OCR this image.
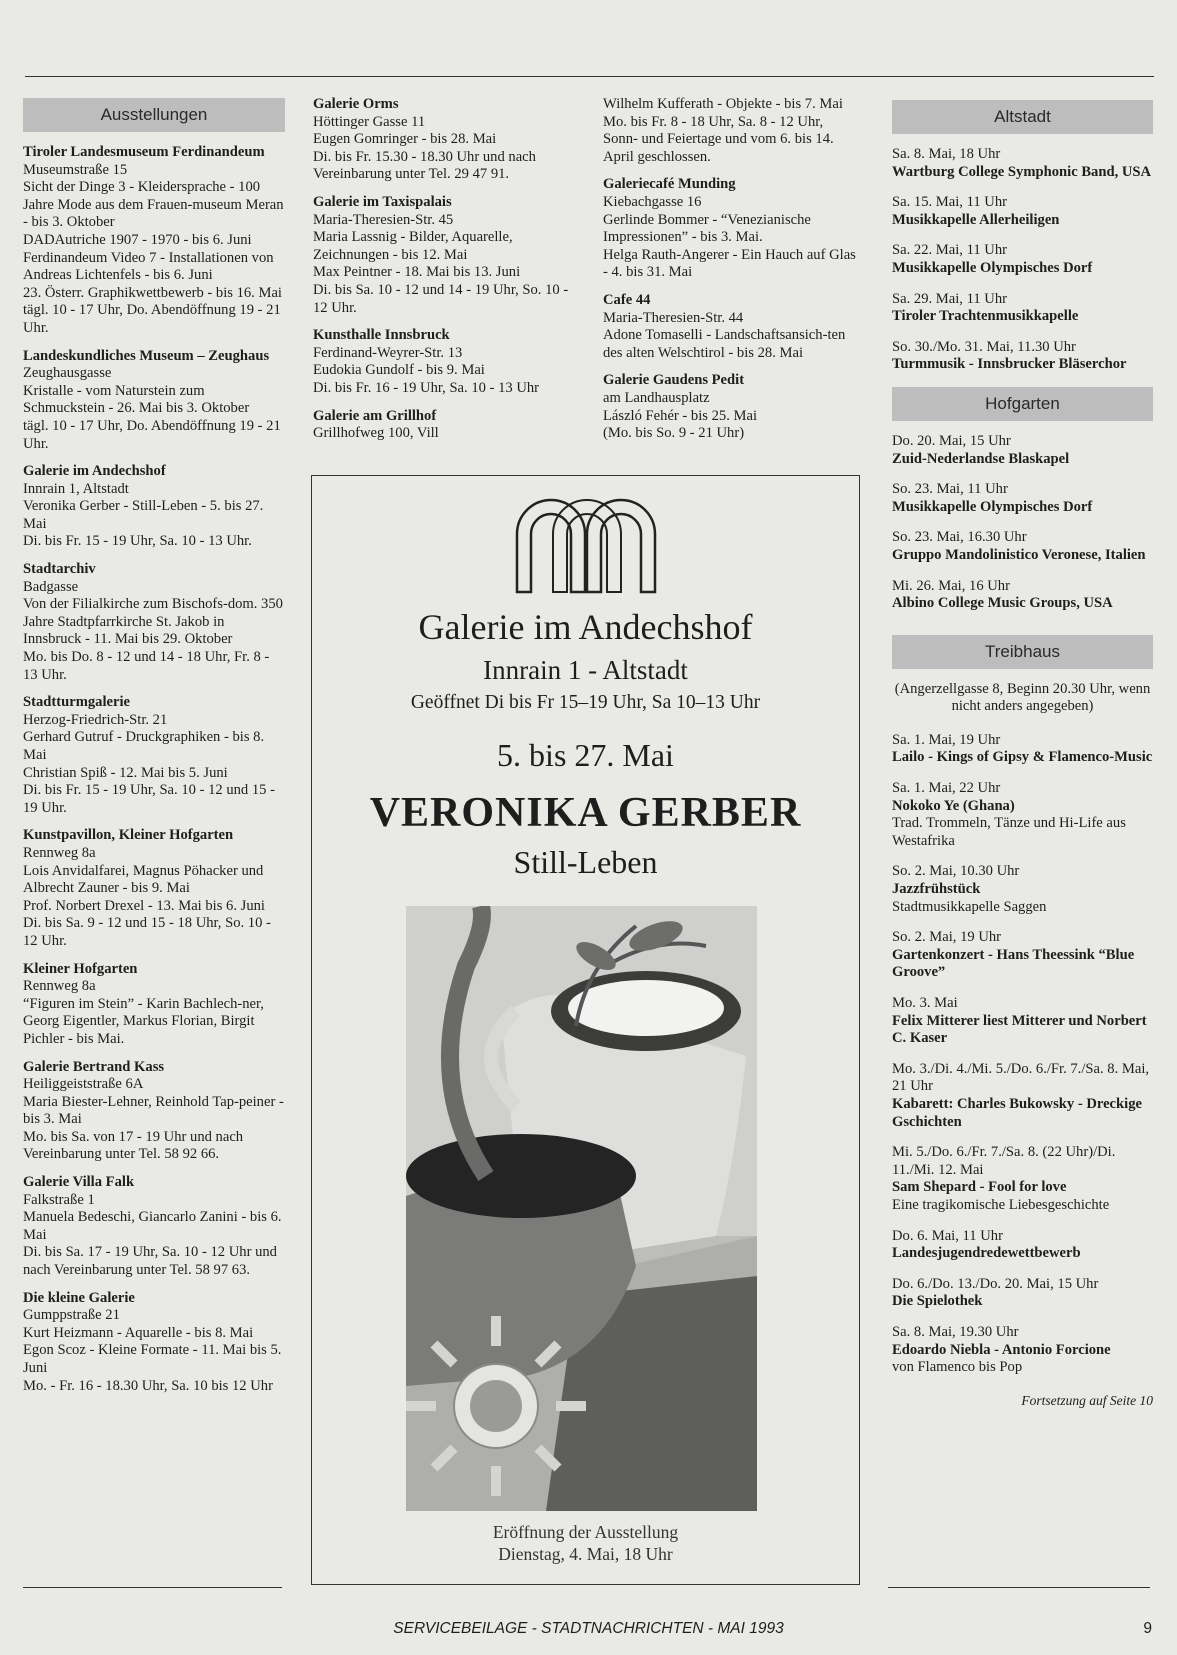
Ausstellungen
Tiroler Landesmuseum Ferdinandeum
Museumstraße 15
Sicht der Dinge 3 - Kleidersprache - 100 Jahre Mode aus dem Frauen-museum Meran - bis 3. Oktober
DADAutriche 1907 - 1970 - bis 6. Juni
Ferdinandeum Video 7 - Installationen von Andreas Lichtenfels - bis 6. Juni
23. Österr. Graphikwettbewerb - bis 16. Mai
tägl. 10 - 17 Uhr, Do. Abendöffnung 19 - 21 Uhr.
Landeskundliches Museum – Zeughaus
Zeughausgasse
Kristalle - vom Naturstein zum Schmuckstein - 26. Mai bis 3. Oktober
tägl. 10 - 17 Uhr, Do. Abendöffnung 19 - 21 Uhr.
Galerie im Andechshof
Innrain 1, Altstadt
Veronika Gerber - Still-Leben - 5. bis 27. Mai
Di. bis Fr. 15 - 19 Uhr, Sa. 10 - 13 Uhr.
Stadtarchiv
Badgasse
Von der Filialkirche zum Bischofs-dom. 350 Jahre Stadtpfarrkirche St. Jakob in Innsbruck - 11. Mai bis 29. Oktober
Mo. bis Do. 8 - 12 und 14 - 18 Uhr, Fr. 8 - 13 Uhr.
Stadtturmgalerie
Herzog-Friedrich-Str. 21
Gerhard Gutruf - Druckgraphiken - bis 8. Mai
Christian Spiß - 12. Mai bis 5. Juni
Di. bis Fr. 15 - 19 Uhr, Sa. 10 - 12 und 15 - 19 Uhr.
Kunstpavillon, Kleiner Hofgarten
Rennweg 8a
Lois Anvidalfarei, Magnus Pöhacker und Albrecht Zauner - bis 9. Mai
Prof. Norbert Drexel - 13. Mai bis 6. Juni
Di. bis Sa. 9 - 12 und 15 - 18 Uhr, So. 10 - 12 Uhr.
Kleiner Hofgarten
Rennweg 8a
“Figuren im Stein” - Karin Bachlech-ner, Georg Eigentler, Markus Florian, Birgit Pichler - bis Mai.
Galerie Bertrand Kass
Heiliggeiststraße 6A
Maria Biester-Lehner, Reinhold Tap-peiner - bis 3. Mai
Mo. bis Sa. von 17 - 19 Uhr und nach Vereinbarung unter Tel. 58 92 66.
Galerie Villa Falk
Falkstraße 1
Manuela Bedeschi, Giancarlo Zanini - bis 6. Mai
Di. bis Sa. 17 - 19 Uhr, Sa. 10 - 12 Uhr und nach Vereinbarung unter Tel. 58 97 63.
Die kleine Galerie
Gumppstraße 21
Kurt Heizmann - Aquarelle - bis 8. Mai
Egon Scoz - Kleine Formate - 11. Mai bis 5. Juni
Mo. - Fr. 16 - 18.30 Uhr, Sa. 10 bis 12 Uhr
Galerie Orms
Höttinger Gasse 11
Eugen Gomringer - bis 28. Mai
Di. bis Fr. 15.30 - 18.30 Uhr und nach Vereinbarung unter Tel. 29 47 91.
Galerie im Taxispalais
Maria-Theresien-Str. 45
Maria Lassnig - Bilder, Aquarelle, Zeichnungen - bis 12. Mai
Max Peintner - 18. Mai bis 13. Juni
Di. bis Sa. 10 - 12 und 14 - 19 Uhr, So. 10 - 12 Uhr.
Kunsthalle Innsbruck
Ferdinand-Weyrer-Str. 13
Eudokia Gundolf - bis 9. Mai
Di. bis Fr. 16 - 19 Uhr, Sa. 10 - 13 Uhr
Galerie am Grillhof
Grillhofweg 100, Vill
Wilhelm Kufferath - Objekte - bis 7. Mai
Mo. bis Fr. 8 - 18 Uhr, Sa. 8 - 12 Uhr, Sonn- und Feiertage und vom 6. bis 14. April geschlossen.
Galeriecafé Munding
Kiebachgasse 16
Gerlinde Bommer - “Venezianische Impressionen” - bis 3. Mai.
Helga Rauth-Angerer - Ein Hauch auf Glas - 4. bis 31. Mai
Cafe 44
Maria-Theresien-Str. 44
Adone Tomaselli - Landschaftsansich-ten des alten Welschtirol - bis 28. Mai
Galerie Gaudens Pedit
am Landhausplatz
László Fehér - bis 25. Mai
(Mo. bis So. 9 - 21 Uhr)
Altstadt
Sa. 8. Mai, 18 Uhr
Wartburg College Symphonic Band, USA
Sa. 15. Mai, 11 Uhr
Musikkapelle Allerheiligen
Sa. 22. Mai, 11 Uhr
Musikkapelle Olympisches Dorf
Sa. 29. Mai, 11 Uhr
Tiroler Trachtenmusikkapelle
So. 30./Mo. 31. Mai, 11.30 Uhr
Turmmusik - Innsbrucker Bläserchor
Hofgarten
Do. 20. Mai, 15 Uhr
Zuid-Nederlandse Blaskapel
So. 23. Mai, 11 Uhr
Musikkapelle Olympisches Dorf
So. 23. Mai, 16.30 Uhr
Gruppo Mandolinistico Veronese, Italien
Mi. 26. Mai, 16 Uhr
Albino College Music Groups, USA
Treibhaus
(Angerzellgasse 8, Beginn 20.30 Uhr, wenn nicht anders angegeben)
Sa. 1. Mai, 19 Uhr
Lailo - Kings of Gipsy & Flamenco-Music
Sa. 1. Mai, 22 Uhr
Nokoko Ye (Ghana)
Trad. Trommeln, Tänze und Hi-Life aus Westafrika
So. 2. Mai, 10.30 Uhr
Jazzfrühstück
Stadtmusikkapelle Saggen
So. 2. Mai, 19 Uhr
Gartenkonzert - Hans Theessink “Blue Groove”
Mo. 3. Mai
Felix Mitterer liest Mitterer und Norbert C. Kaser
Mo. 3./Di. 4./Mi. 5./Do. 6./Fr. 7./Sa. 8. Mai, 21 Uhr
Kabarett: Charles Bukowsky - Dreckige Gschichten
Mi. 5./Do. 6./Fr. 7./Sa. 8. (22 Uhr)/Di. 11./Mi. 12. Mai
Sam Shepard - Fool for love
Eine tragikomische Liebesgeschichte
Do. 6. Mai, 11 Uhr
Landesjugendredewettbewerb
Do. 6./Do. 13./Do. 20. Mai, 15 Uhr
Die Spielothek
Sa. 8. Mai, 19.30 Uhr
Edoardo Niebla - Antonio Forcione
von Flamenco bis Pop
Fortsetzung auf Seite 10
Galerie im Andechshof
Innrain 1 - Altstadt
Geöffnet Di bis Fr 15–19 Uhr, Sa 10–13 Uhr
5. bis 27. Mai
VERONIKA GERBER
Still-Leben
Eröffnung der Ausstellung
Dienstag, 4. Mai, 18 Uhr
SERVICEBEILAGE - STADTNACHRICHTEN - MAI 1993	9
